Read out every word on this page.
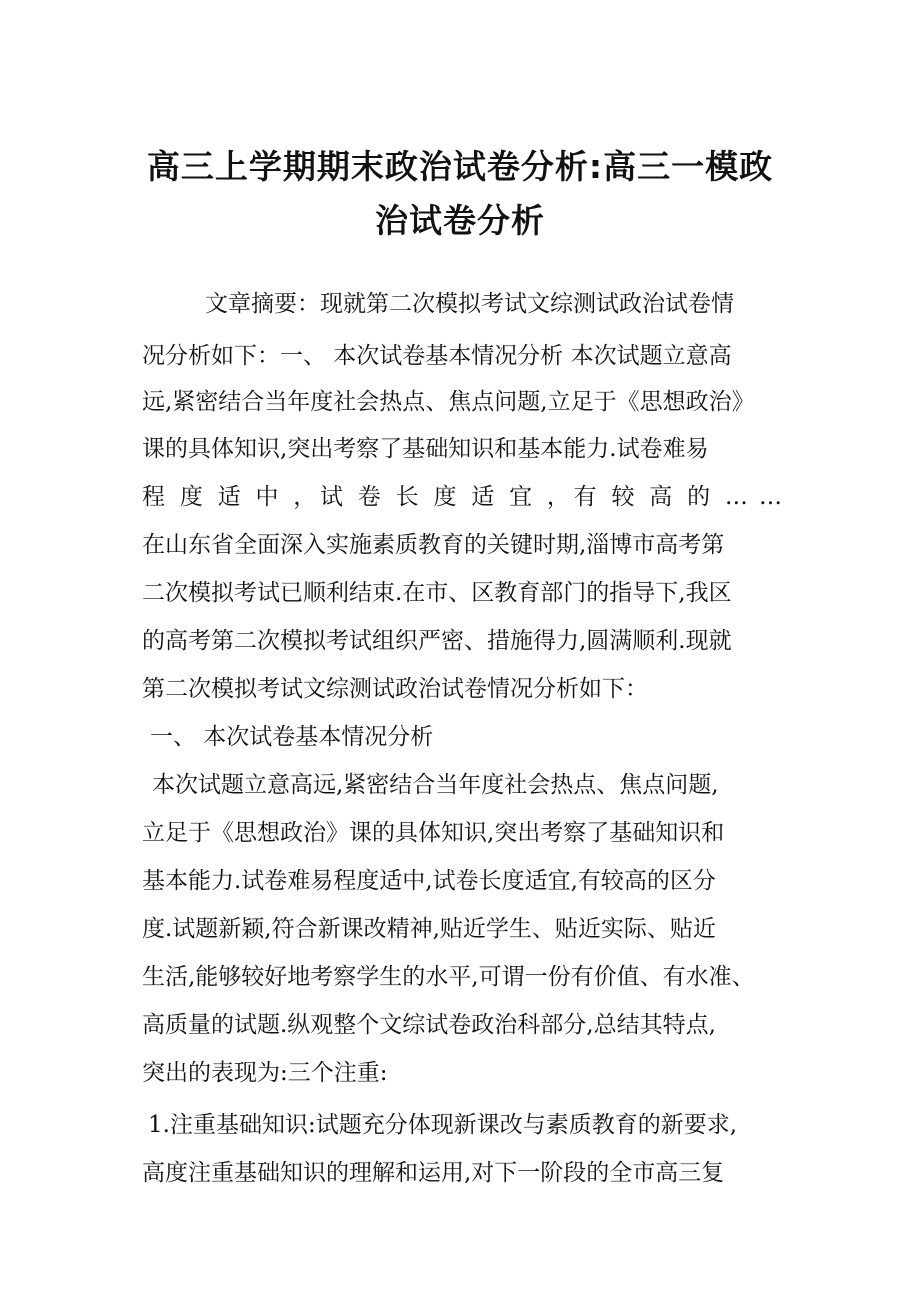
高三上学期期末政治试卷分析:高三一模政
治试卷分析
文章摘要：现就第二次模拟考试文综测试政治试卷情
况分析如下：一、 本次试卷基本情况分析 本次试题立意高
远,紧密结合当年度社会热点、焦点问题,立足于《思想政治》
课的具体知识,突出考察了基础知识和基本能力.试卷难易
程 度 适 中 ，试 卷 长 度 适 宜 ，有 较 高 的 … …
在山东省全面深入实施素质教育的关键时期,淄博市高考第
二次模拟考试已顺利结束.在市、区教育部门的指导下,我区
的高考第二次模拟考试组织严密、措施得力,圆满顺利.现就
第二次模拟考试文综测试政治试卷情况分析如下：
一、 本次试卷基本情况分析
本次试题立意高远,紧密结合当年度社会热点、焦点问题,
立足于《思想政治》课的具体知识,突出考察了基础知识和
基本能力.试卷难易程度适中,试卷长度适宜,有较高的区分
度.试题新颖,符合新课改精神,贴近学生、贴近实际、贴近
生活,能够较好地考察学生的水平,可谓一份有价值、有水准、
高质量的试题.纵观整个文综试卷政治科部分,总结其特点,
突出的表现为:三个注重:
1.注重基础知识:试题充分体现新课改与素质教育的新要求,
高度注重基础知识的理解和运用,对下一阶段的全市高三复
